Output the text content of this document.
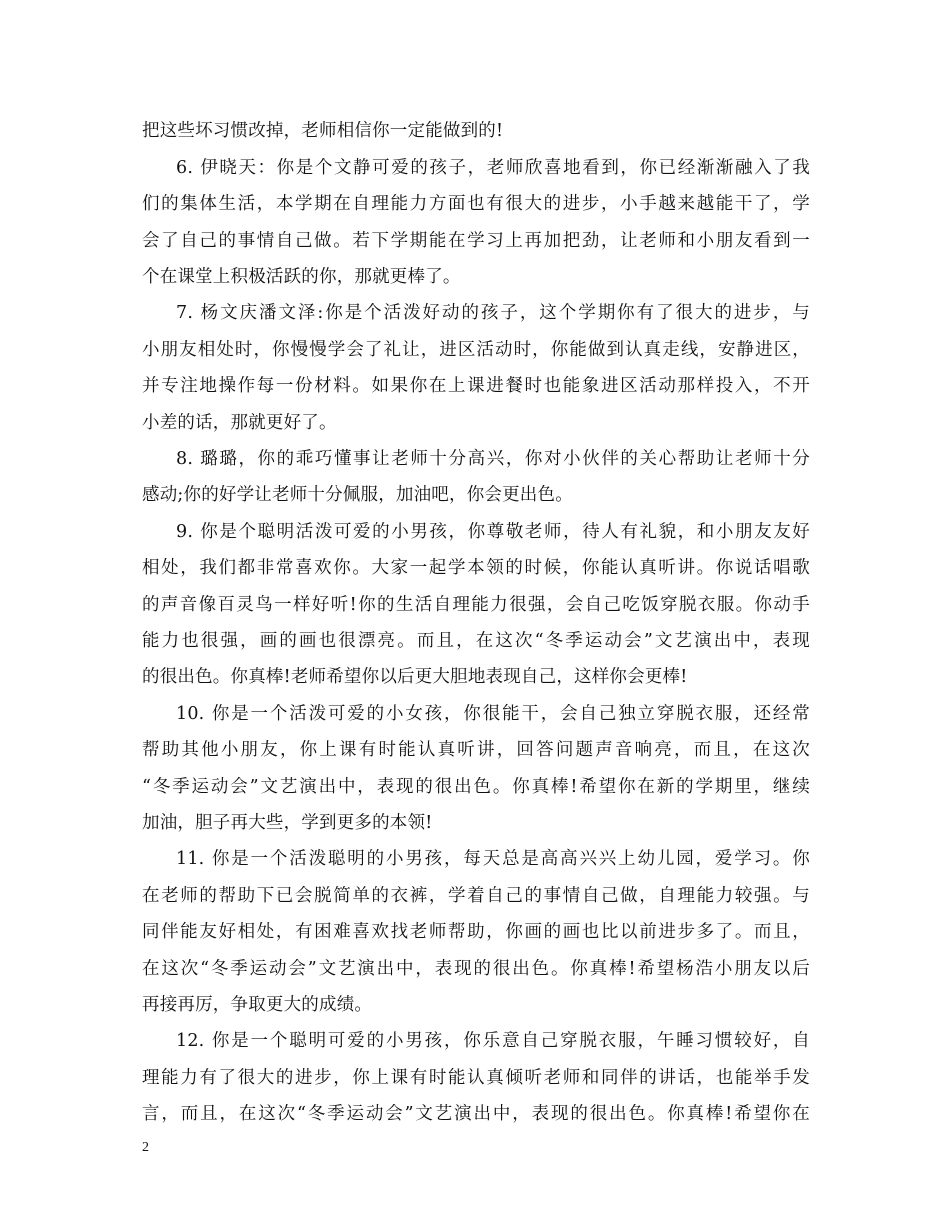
把这些坏习惯改掉，老师相信你一定能做到的!
6. 伊晓天：你是个文静可爱的孩子，老师欣喜地看到，你已经渐渐融入了我
们的集体生活，本学期在自理能力方面也有很大的进步，小手越来越能干了，学
会了自己的事情自己做。若下学期能在学习上再加把劲，让老师和小朋友看到一
个在课堂上积极活跃的你，那就更棒了。
7. 杨文庆潘文泽:你是个活泼好动的孩子，这个学期你有了很大的进步，与
小朋友相处时，你慢慢学会了礼让，进区活动时，你能做到认真走线，安静进区，
并专注地操作每一份材料。如果你在上课进餐时也能象进区活动那样投入，不开
小差的话，那就更好了。
8. 璐璐，你的乖巧懂事让老师十分高兴，你对小伙伴的关心帮助让老师十分
感动;你的好学让老师十分佩服，加油吧，你会更出色。
9. 你是个聪明活泼可爱的小男孩，你尊敬老师，待人有礼貌，和小朋友友好
相处，我们都非常喜欢你。大家一起学本领的时候，你能认真听讲。你说话唱歌
的声音像百灵鸟一样好听!你的生活自理能力很强，会自己吃饭穿脱衣服。你动手
能力也很强，画的画也很漂亮。而且，在这次“冬季运动会”文艺演出中，表现
的很出色。你真棒!老师希望你以后更大胆地表现自己，这样你会更棒!
10. 你是一个活泼可爱的小女孩，你很能干，会自己独立穿脱衣服，还经常
帮助其他小朋友，你上课有时能认真听讲，回答问题声音响亮，而且，在这次
“冬季运动会”文艺演出中，表现的很出色。你真棒!希望你在新的学期里，继续
加油，胆子再大些，学到更多的本领!
11. 你是一个活泼聪明的小男孩，每天总是高高兴兴上幼儿园，爱学习。你
在老师的帮助下已会脱简单的衣裤，学着自己的事情自己做，自理能力较强。与
同伴能友好相处，有困难喜欢找老师帮助，你画的画也比以前进步多了。而且，
在这次“冬季运动会”文艺演出中，表现的很出色。你真棒!希望杨浩小朋友以后
再接再厉，争取更大的成绩。
12. 你是一个聪明可爱的小男孩，你乐意自己穿脱衣服，午睡习惯较好，自
理能力有了很大的进步，你上课有时能认真倾听老师和同伴的讲话，也能举手发
言，而且，在这次“冬季运动会”文艺演出中，表现的很出色。你真棒!希望你在
2
